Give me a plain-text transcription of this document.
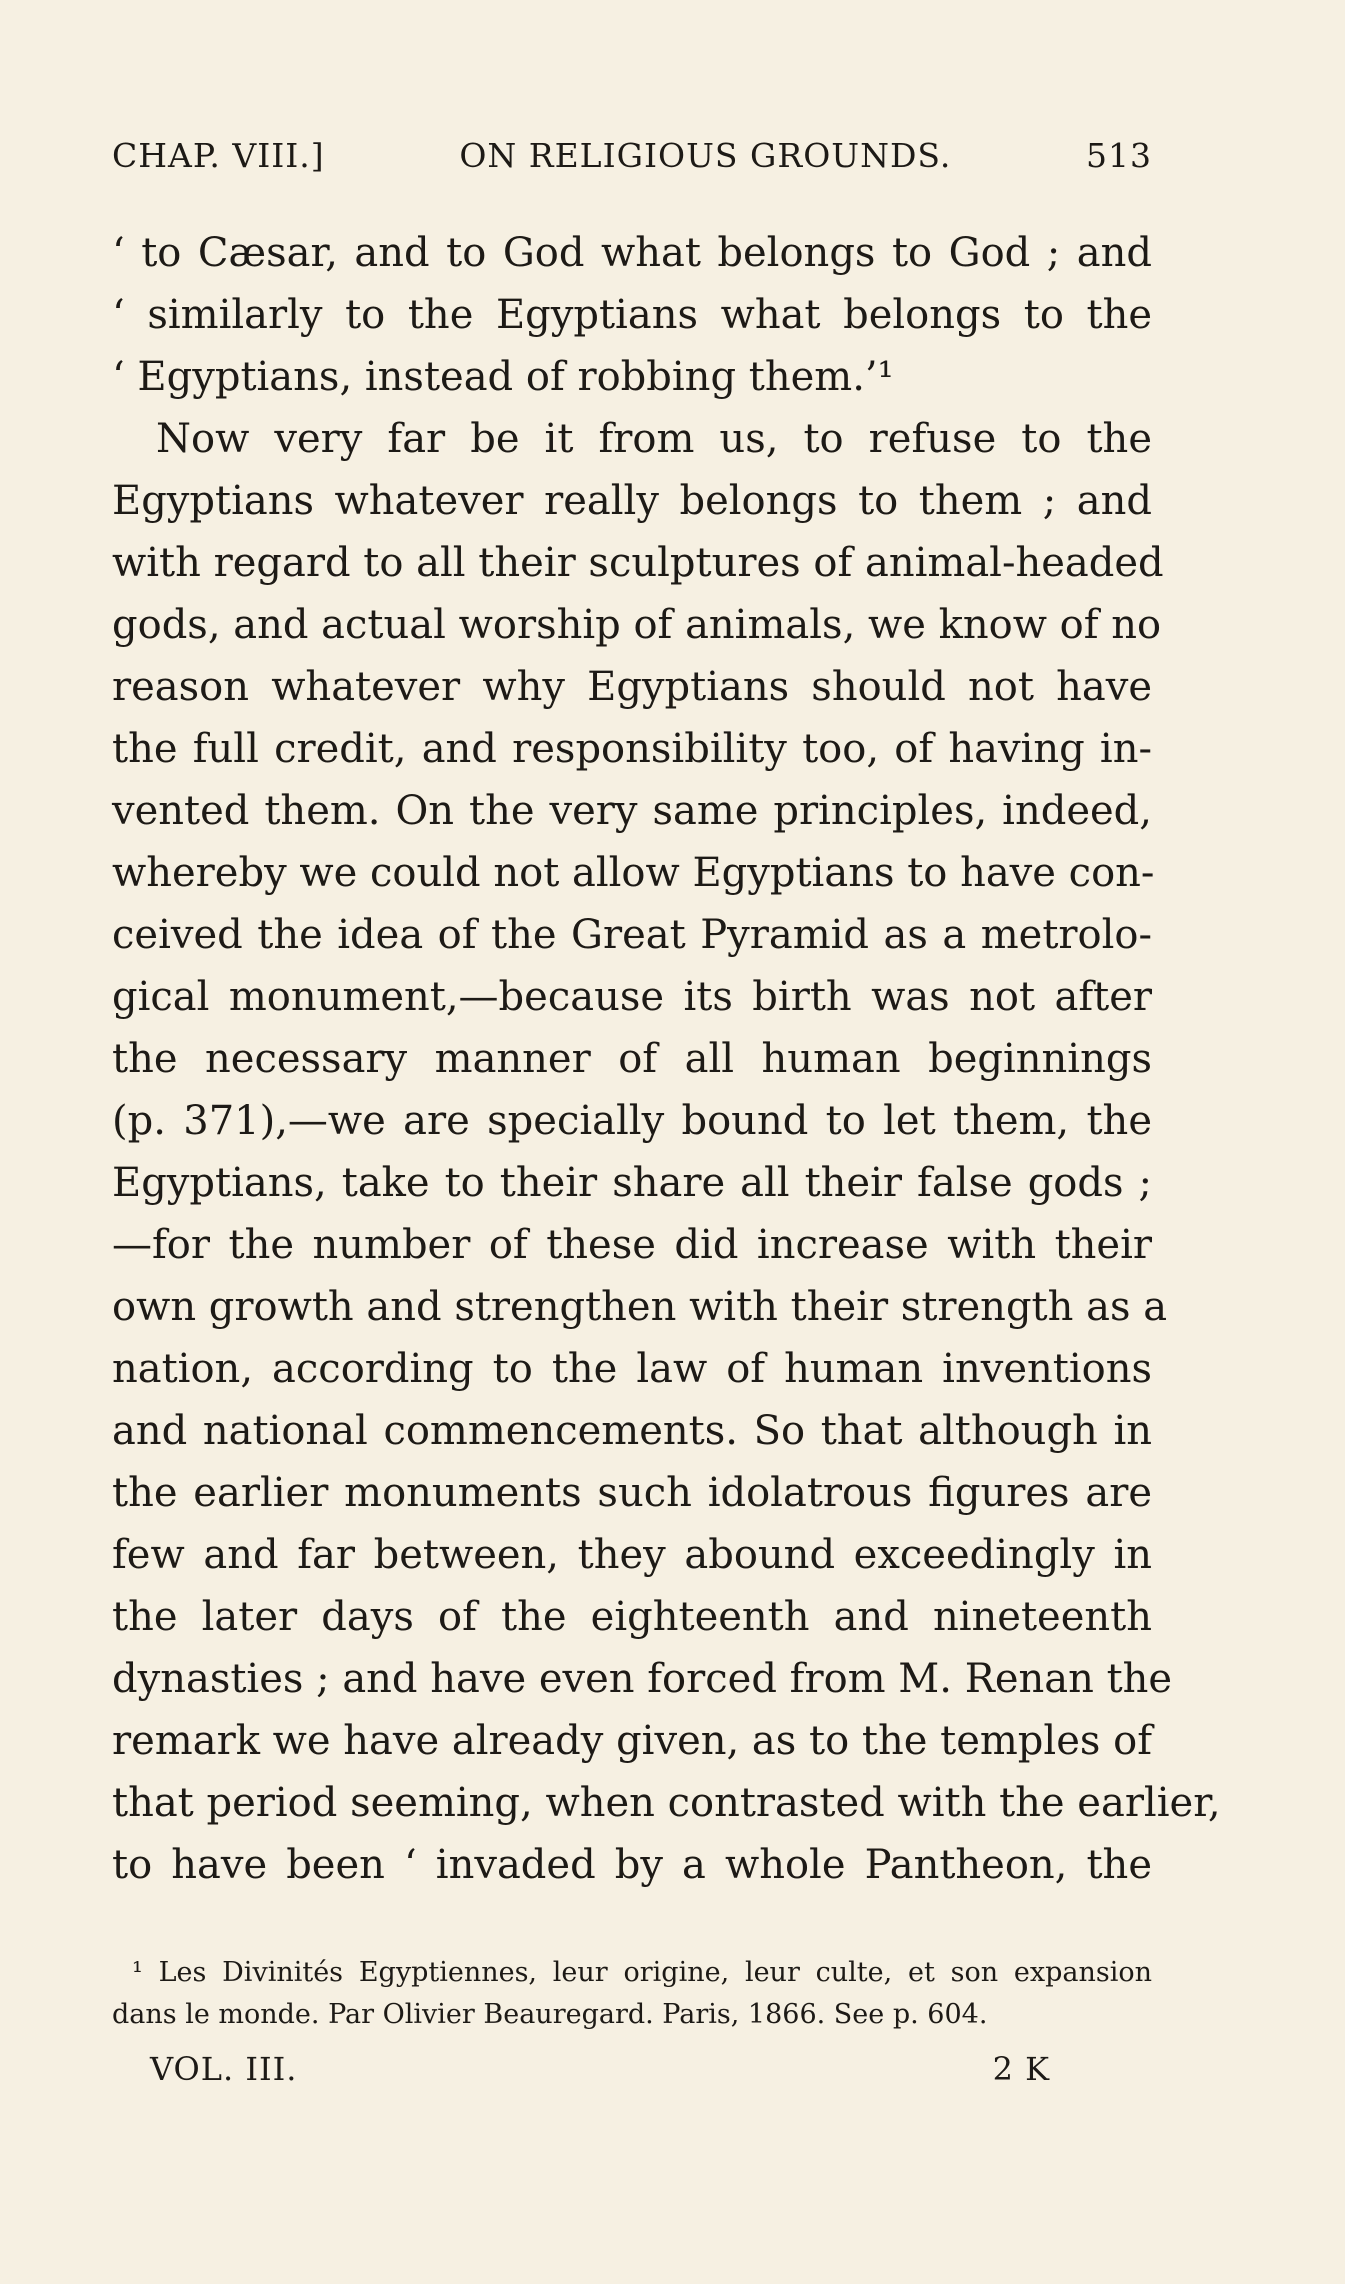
CHAP. VIII.]	ON RELIGIOUS GROUNDS.	513
‘ to Cæsar, and to God what belongs to God ; and
‘ similarly to the Egyptians what belongs to the
‘ Egyptians, instead of robbing them.’¹
Now very far be it from us, to refuse to the
Egyptians whatever really belongs to them ; and
with regard to all their sculptures of animal-headed
gods, and actual worship of animals, we know of no
reason whatever why Egyptians should not have
the full credit, and responsibility too, of having in-
vented them. On the very same principles, indeed,
whereby we could not allow Egyptians to have con-
ceived the idea of the Great Pyramid as a metrolo-
gical monument,—because its birth was not after
the necessary manner of all human beginnings
(p. 371),—we are specially bound to let them, the
Egyptians, take to their share all their false gods ;
—for the number of these did increase with their
own growth and strengthen with their strength as a
nation, according to the law of human inventions
and national commencements. So that although in
the earlier monuments such idolatrous figures are
few and far between, they abound exceedingly in
the later days of the eighteenth and nineteenth
dynasties ; and have even forced from M. Renan the
remark we have already given, as to the temples of
that period seeming, when contrasted with the earlier,
to have been ‘ invaded by a whole Pantheon, the
¹ Les Divinités Egyptiennes, leur origine, leur culte, et son expansion
dans le monde. Par Olivier Beauregard. Paris, 1866. See p. 604.
VOL. III.	2 K
